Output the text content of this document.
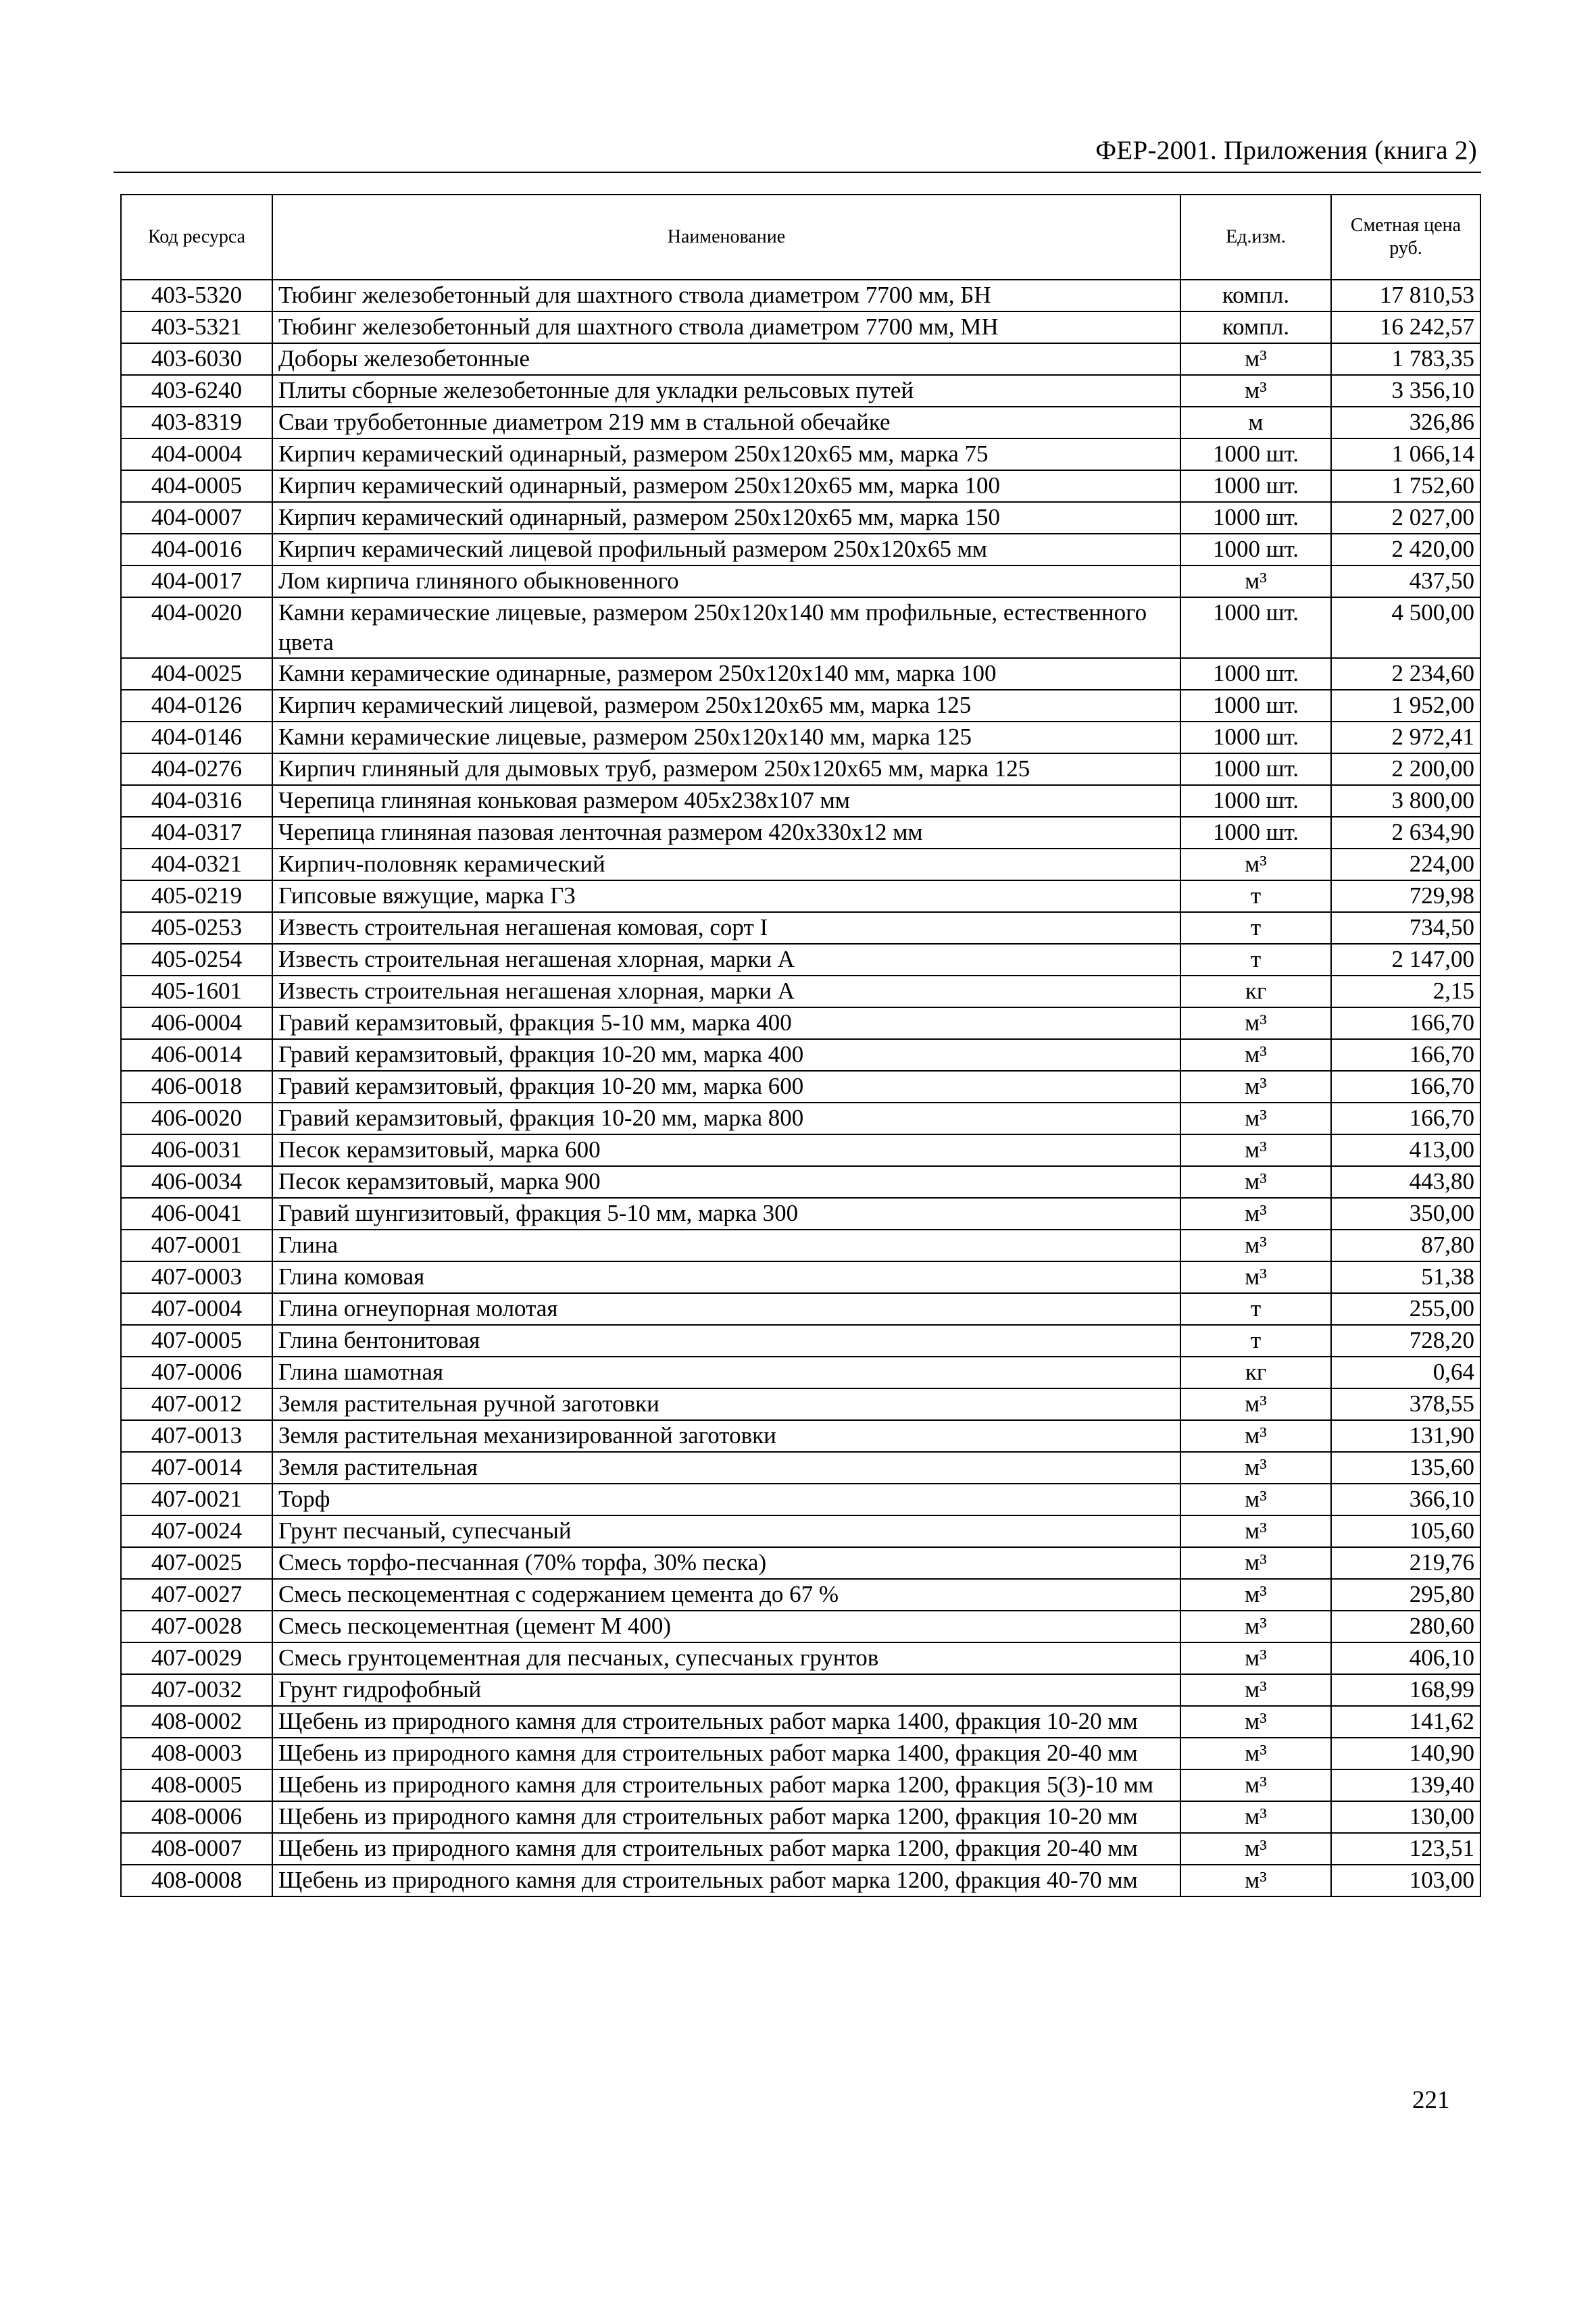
ФЕР-2001. Приложения (книга 2)
Код ресурса	Наименование	Ед.изм.	Сметная цена руб.
403-5320	Тюбинг железобетонный для шахтного ствола диаметром 7700 мм, БН	компл.	17 810,53
403-5321	Тюбинг железобетонный для шахтного ствола диаметром 7700 мм, МН	компл.	16 242,57
403-6030	Доборы железобетонные	м³	1 783,35
403-6240	Плиты сборные железобетонные для укладки рельсовых путей	м³	3 356,10
403-8319	Сваи трубобетонные диаметром 219 мм в стальной обечайке	м	326,86
404-0004	Кирпич керамический одинарный, размером 250х120х65 мм, марка 75	1000 шт.	1 066,14
404-0005	Кирпич керамический одинарный, размером 250х120х65 мм, марка 100	1000 шт.	1 752,60
404-0007	Кирпич керамический одинарный, размером 250х120х65 мм, марка 150	1000 шт.	2 027,00
404-0016	Кирпич керамический лицевой профильный размером 250х120х65 мм	1000 шт.	2 420,00
404-0017	Лом кирпича глиняного обыкновенного	м³	437,50
404-0020	Камни керамические лицевые, размером 250х120х140 мм профильные, естественного цвета	1000 шт.	4 500,00
404-0025	Камни керамические одинарные, размером 250х120х140 мм, марка 100	1000 шт.	2 234,60
404-0126	Кирпич керамический лицевой, размером 250х120х65 мм, марка 125	1000 шт.	1 952,00
404-0146	Камни керамические лицевые, размером 250х120х140 мм, марка 125	1000 шт.	2 972,41
404-0276	Кирпич глиняный для дымовых труб, размером 250х120х65 мм, марка 125	1000 шт.	2 200,00
404-0316	Черепица глиняная коньковая размером 405х238х107 мм	1000 шт.	3 800,00
404-0317	Черепица глиняная пазовая ленточная размером 420х330х12 мм	1000 шт.	2 634,90
404-0321	Кирпич-половняк керамический	м³	224,00
405-0219	Гипсовые вяжущие, марка Г3	т	729,98
405-0253	Известь строительная негашеная комовая, сорт I	т	734,50
405-0254	Известь строительная негашеная хлорная, марки А	т	2 147,00
405-1601	Известь строительная негашеная хлорная, марки А	кг	2,15
406-0004	Гравий керамзитовый, фракция 5-10 мм, марка 400	м³	166,70
406-0014	Гравий керамзитовый, фракция 10-20 мм, марка 400	м³	166,70
406-0018	Гравий керамзитовый, фракция 10-20 мм, марка 600	м³	166,70
406-0020	Гравий керамзитовый, фракция 10-20 мм, марка 800	м³	166,70
406-0031	Песок керамзитовый, марка 600	м³	413,00
406-0034	Песок керамзитовый, марка 900	м³	443,80
406-0041	Гравий шунгизитовый, фракция 5-10 мм, марка 300	м³	350,00
407-0001	Глина	м³	87,80
407-0003	Глина комовая	м³	51,38
407-0004	Глина огнеупорная молотая	т	255,00
407-0005	Глина бентонитовая	т	728,20
407-0006	Глина шамотная	кг	0,64
407-0012	Земля растительная ручной заготовки	м³	378,55
407-0013	Земля растительная механизированной заготовки	м³	131,90
407-0014	Земля растительная	м³	135,60
407-0021	Торф	м³	366,10
407-0024	Грунт песчаный, супесчаный	м³	105,60
407-0025	Смесь торфо-песчанная (70% торфа, 30% песка)	м³	219,76
407-0027	Смесь пескоцементная с содержанием цемента до 67 %	м³	295,80
407-0028	Смесь пескоцементная (цемент М 400)	м³	280,60
407-0029	Смесь грунтоцементная для песчаных, супесчаных грунтов	м³	406,10
407-0032	Грунт гидрофобный	м³	168,99
408-0002	Щебень из природного камня для строительных работ марка 1400, фракция 10-20 мм	м³	141,62
408-0003	Щебень из природного камня для строительных работ марка 1400, фракция 20-40 мм	м³	140,90
408-0005	Щебень из природного камня для строительных работ марка 1200, фракция 5(3)-10 мм	м³	139,40
408-0006	Щебень из природного камня для строительных работ марка 1200, фракция 10-20 мм	м³	130,00
408-0007	Щебень из природного камня для строительных работ марка 1200, фракция 20-40 мм	м³	123,51
408-0008	Щебень из природного камня для строительных работ марка 1200, фракция 40-70 мм	м³	103,00
221
